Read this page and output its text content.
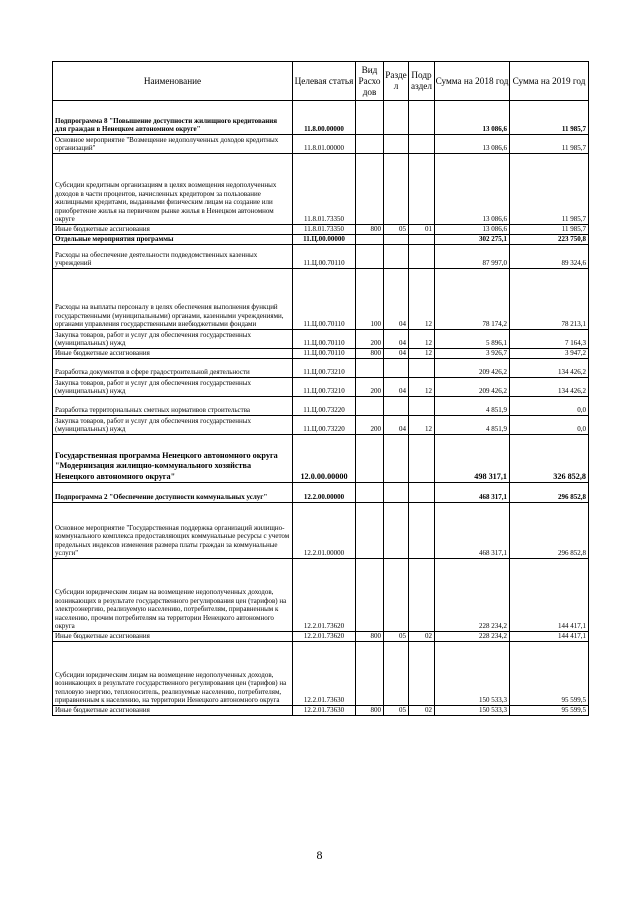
Наименование	Целевая статья	Вид Расхо дов	Разде л	Подр аздел	Сумма на 2018 год	Сумма на 2019 год
Подпрограмма 8 "Повышение доступности жилищного кредитования для граждан в Ненецком автономном округе"	11.8.00.00000				13 086,6	11 985,7
Основное мероприятие "Возмещение недополученных доходов кредитных организаций"	11.8.01.00000				13 086,6	11 985,7
Субсидии кредитным организациям в целях возмещения недополученных доходов в части процентов, начисленных кредитором за пользование жилищными кредитами, выданными физическим лицам на создание или приобретение жилья на первичном рынке жилья в Ненецком автономном округе	11.8.01.73350				13 086,6	11 985,7
Иные бюджетные ассигнования	11.8.01.73350	800	05	01	13 086,6	11 985,7
Отдельные мероприятия программы	11.Ц.00.00000				302 275,1	223 750,8
Расходы на обеспечение деятельности подведомственных казенных учреждений	11.Ц.00.70110				87 997,0	89 324,6
Расходы на выплаты персоналу в целях обеспечения выполнения функций государственными (муниципальными) органами, казенными учреждениями, органами управления государственными внебюджетными фондами	11.Ц.00.70110	100	04	12	78 174,2	78 213,1
Закупка товаров, работ и услуг для обеспечения государственных (муниципальных) нужд	11.Ц.00.70110	200	04	12	5 896,1	7 164,3
Иные бюджетные ассигнования	11.Ц.00.70110	800	04	12	3 926,7	3 947,2
Разработка документов в сфере градостроительной деятельности	11.Ц.00.73210				209 426,2	134 426,2
Закупка товаров, работ и услуг для обеспечения государственных (муниципальных) нужд	11.Ц.00.73210	200	04	12	209 426,2	134 426,2
Разработка территориальных сметных нормативов строительства	11.Ц.00.73220				4 851,9	0,0
Закупка товаров, работ и услуг для обеспечения государственных (муниципальных) нужд	11.Ц.00.73220	200	04	12	4 851,9	0,0
Государственная программа Ненецкого автономного округа "Модернизация жилищно-коммунального хозяйства Ненецкого автономного округа"	12.0.00.00000				498 317,1	326 852,8
Подпрограмма 2 "Обеспечение доступности коммунальных услуг"	12.2.00.00000				468 317,1	296 852,8
Основное мероприятие "Государственная поддержка организаций жилищно-коммунального комплекса предоставляющих коммунальные ресурсы с учетом предельных индексов изменения размера платы граждан за коммунальные услуги"	12.2.01.00000				468 317,1	296 852,8
Субсидии юридическим лицам на возмещение недополученных доходов, возникающих в результате государственного регулирования цен (тарифов) на электроэнергию, реализуемую населению, потребителям, приравненным к населению, прочим потребителям на территории Ненецкого автономного округа	12.2.01.73620				228 234,2	144 417,1
Иные бюджетные ассигнования	12.2.01.73620	800	05	02	228 234,2	144 417,1
Субсидии юридическим лицам на возмещение недополученных доходов, возникающих в результате государственного регулирования цен (тарифов) на тепловую энергию, теплоноситель, реализуемые населению, потребителям, приравненным к населению, на территории Ненецкого автономного округа	12.2.01.73630				150 533,3	95 599,5
Иные бюджетные ассигнования	12.2.01.73630	800	05	02	150 533,3	95 599,5
8
